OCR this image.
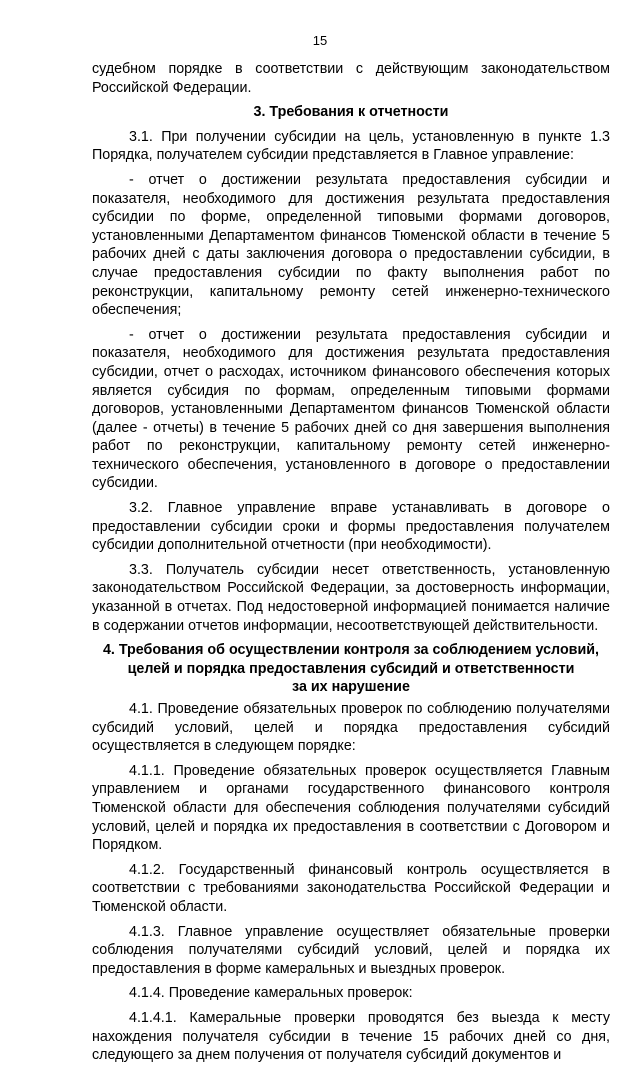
15

судебном порядке в соответствии с действующим законодательством Российской Федерации.

3. Требования к отчетности

3.1. При получении субсидии на цель, установленную в пункте 1.3 Порядка, получателем субсидии представляется в Главное управление:

- отчет о достижении результата предоставления субсидии и показателя, необходимого для достижения результата предоставления субсидии по форме, определенной типовыми формами договоров, установленными Департаментом финансов Тюменской области в течение 5 рабочих дней с даты заключения договора о предоставлении субсидии, в случае предоставления субсидии по факту выполнения работ по реконструкции, капитальному ремонту сетей инженерно-технического обеспечения;

- отчет о достижении результата предоставления субсидии и показателя, необходимого для достижения результата предоставления субсидии, отчет о расходах, источником финансового обеспечения которых является субсидия по формам, определенным типовыми формами договоров, установленными Департаментом финансов Тюменской области (далее - отчеты) в течение 5 рабочих дней со дня завершения выполнения работ по реконструкции, капитальному ремонту сетей инженерно-технического обеспечения, установленного в договоре о предоставлении субсидии.

3.2. Главное управление вправе устанавливать в договоре о предоставлении субсидии сроки и формы предоставления получателем субсидии дополнительной отчетности (при необходимости).

3.3. Получатель субсидии несет ответственность, установленную законодательством Российской Федерации, за достоверность информации, указанной в отчетах. Под недостоверной информацией понимается наличие в содержании отчетов информации, несоответствующей действительности.

4. Требования об осуществлении контроля за соблюдением условий,
целей и порядка предоставления субсидий и ответственности
за их нарушение

4.1. Проведение обязательных проверок по соблюдению получателями субсидий условий, целей и порядка предоставления субсидий осуществляется в следующем порядке:

4.1.1. Проведение обязательных проверок осуществляется Главным управлением и органами государственного финансового контроля Тюменской области для обеспечения соблюдения получателями субсидий условий, целей и порядка их предоставления в соответствии с Договором и Порядком.

4.1.2. Государственный финансовый контроль осуществляется в соответствии с требованиями законодательства Российской Федерации и Тюменской области.

4.1.3. Главное управление осуществляет обязательные проверки соблюдения получателями субсидий условий, целей и порядка их предоставления в форме камеральных и выездных проверок.

4.1.4. Проведение камеральных проверок:

4.1.4.1. Камеральные проверки проводятся без выезда к месту нахождения получателя субсидии в течение 15 рабочих дней со дня, следующего за днем получения от получателя субсидий документов и
